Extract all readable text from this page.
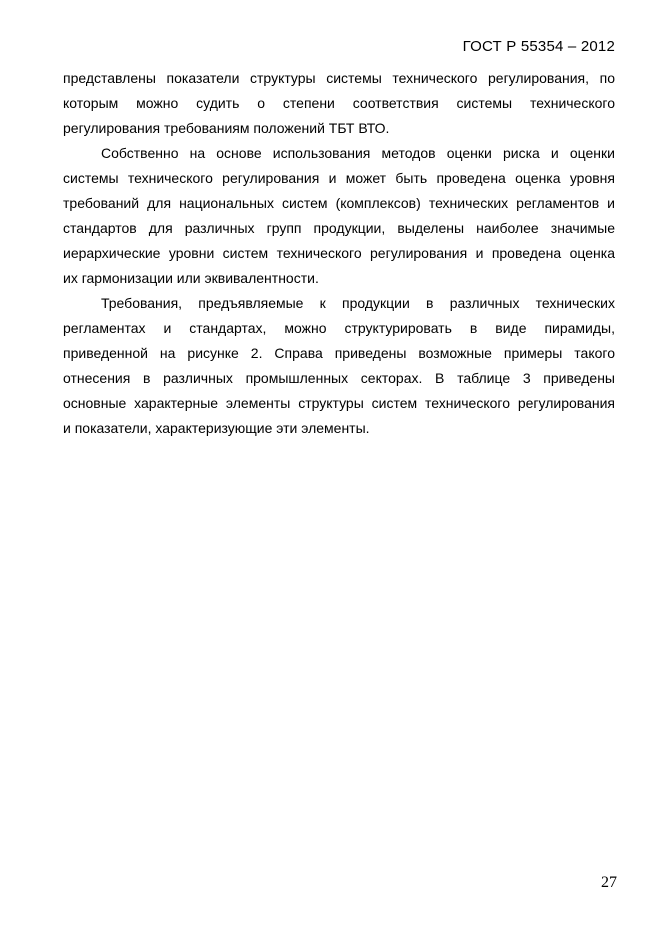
ГОСТ Р 55354 – 2012
представлены показатели структуры системы технического регулирования, по
которым можно судить о степени соответствия системы технического
регулирования требованиям положений ТБТ ВТО.
Собственно на основе использования методов оценки риска и оценки
системы технического регулирования и может быть проведена оценка уровня
требований для национальных систем (комплексов) технических регламентов и
стандартов для различных групп продукции, выделены наиболее значимые
иерархические уровни систем технического регулирования и проведена оценка
их гармонизации или эквивалентности.
Требования, предъявляемые к продукции в различных технических
регламентах и стандартах, можно структурировать в виде пирамиды,
приведенной на рисунке 2. Справа приведены возможные примеры такого
отнесения в различных промышленных секторах. В таблице 3 приведены
основные характерные элементы структуры систем технического регулирования
и показатели, характеризующие эти элементы.
27
